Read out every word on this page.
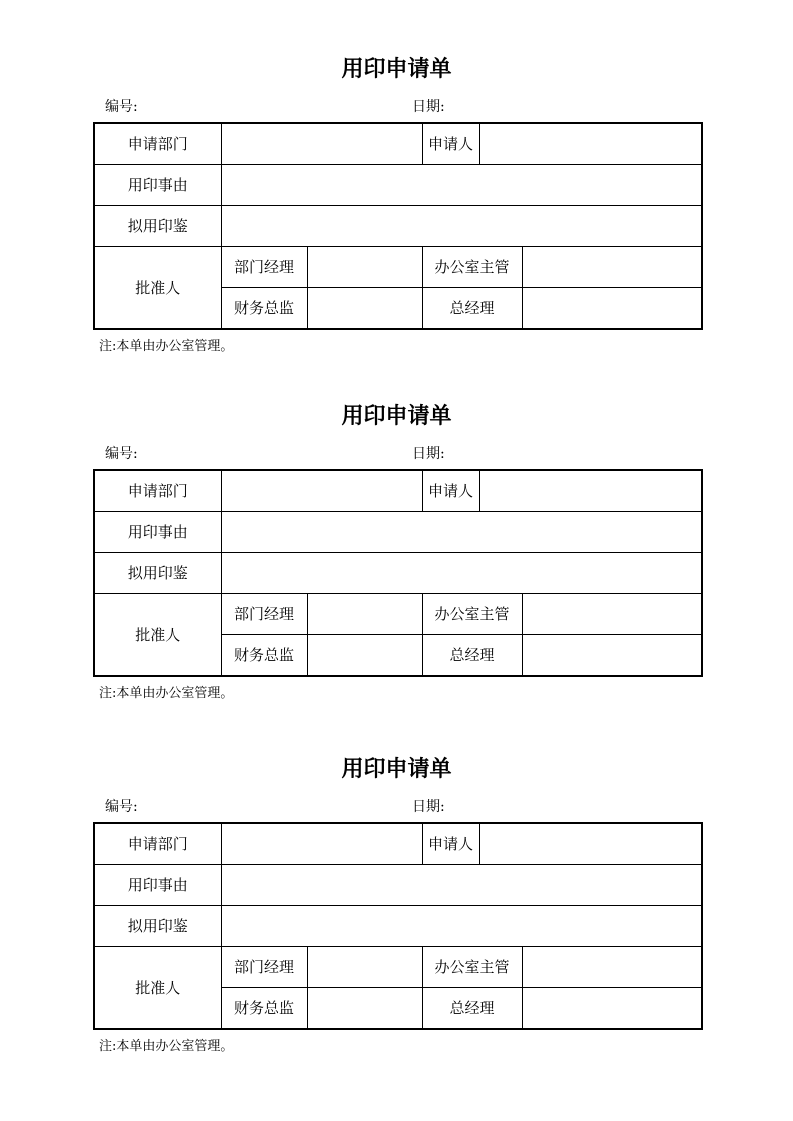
用印申请单
编号:	日期:
申请部门			申请人		
用印事由					
拟用印鉴					
批准人	部门经理		办公室主管		
	财务总监		总经理		
注:本单由办公室管理。
用印申请单
编号:	日期:
申请部门			申请人		
用印事由					
拟用印鉴					
批准人	部门经理		办公室主管		
	财务总监		总经理		
注:本单由办公室管理。
用印申请单
编号:	日期:
申请部门			申请人		
用印事由					
拟用印鉴					
批准人	部门经理		办公室主管		
	财务总监		总经理		
注:本单由办公室管理。
